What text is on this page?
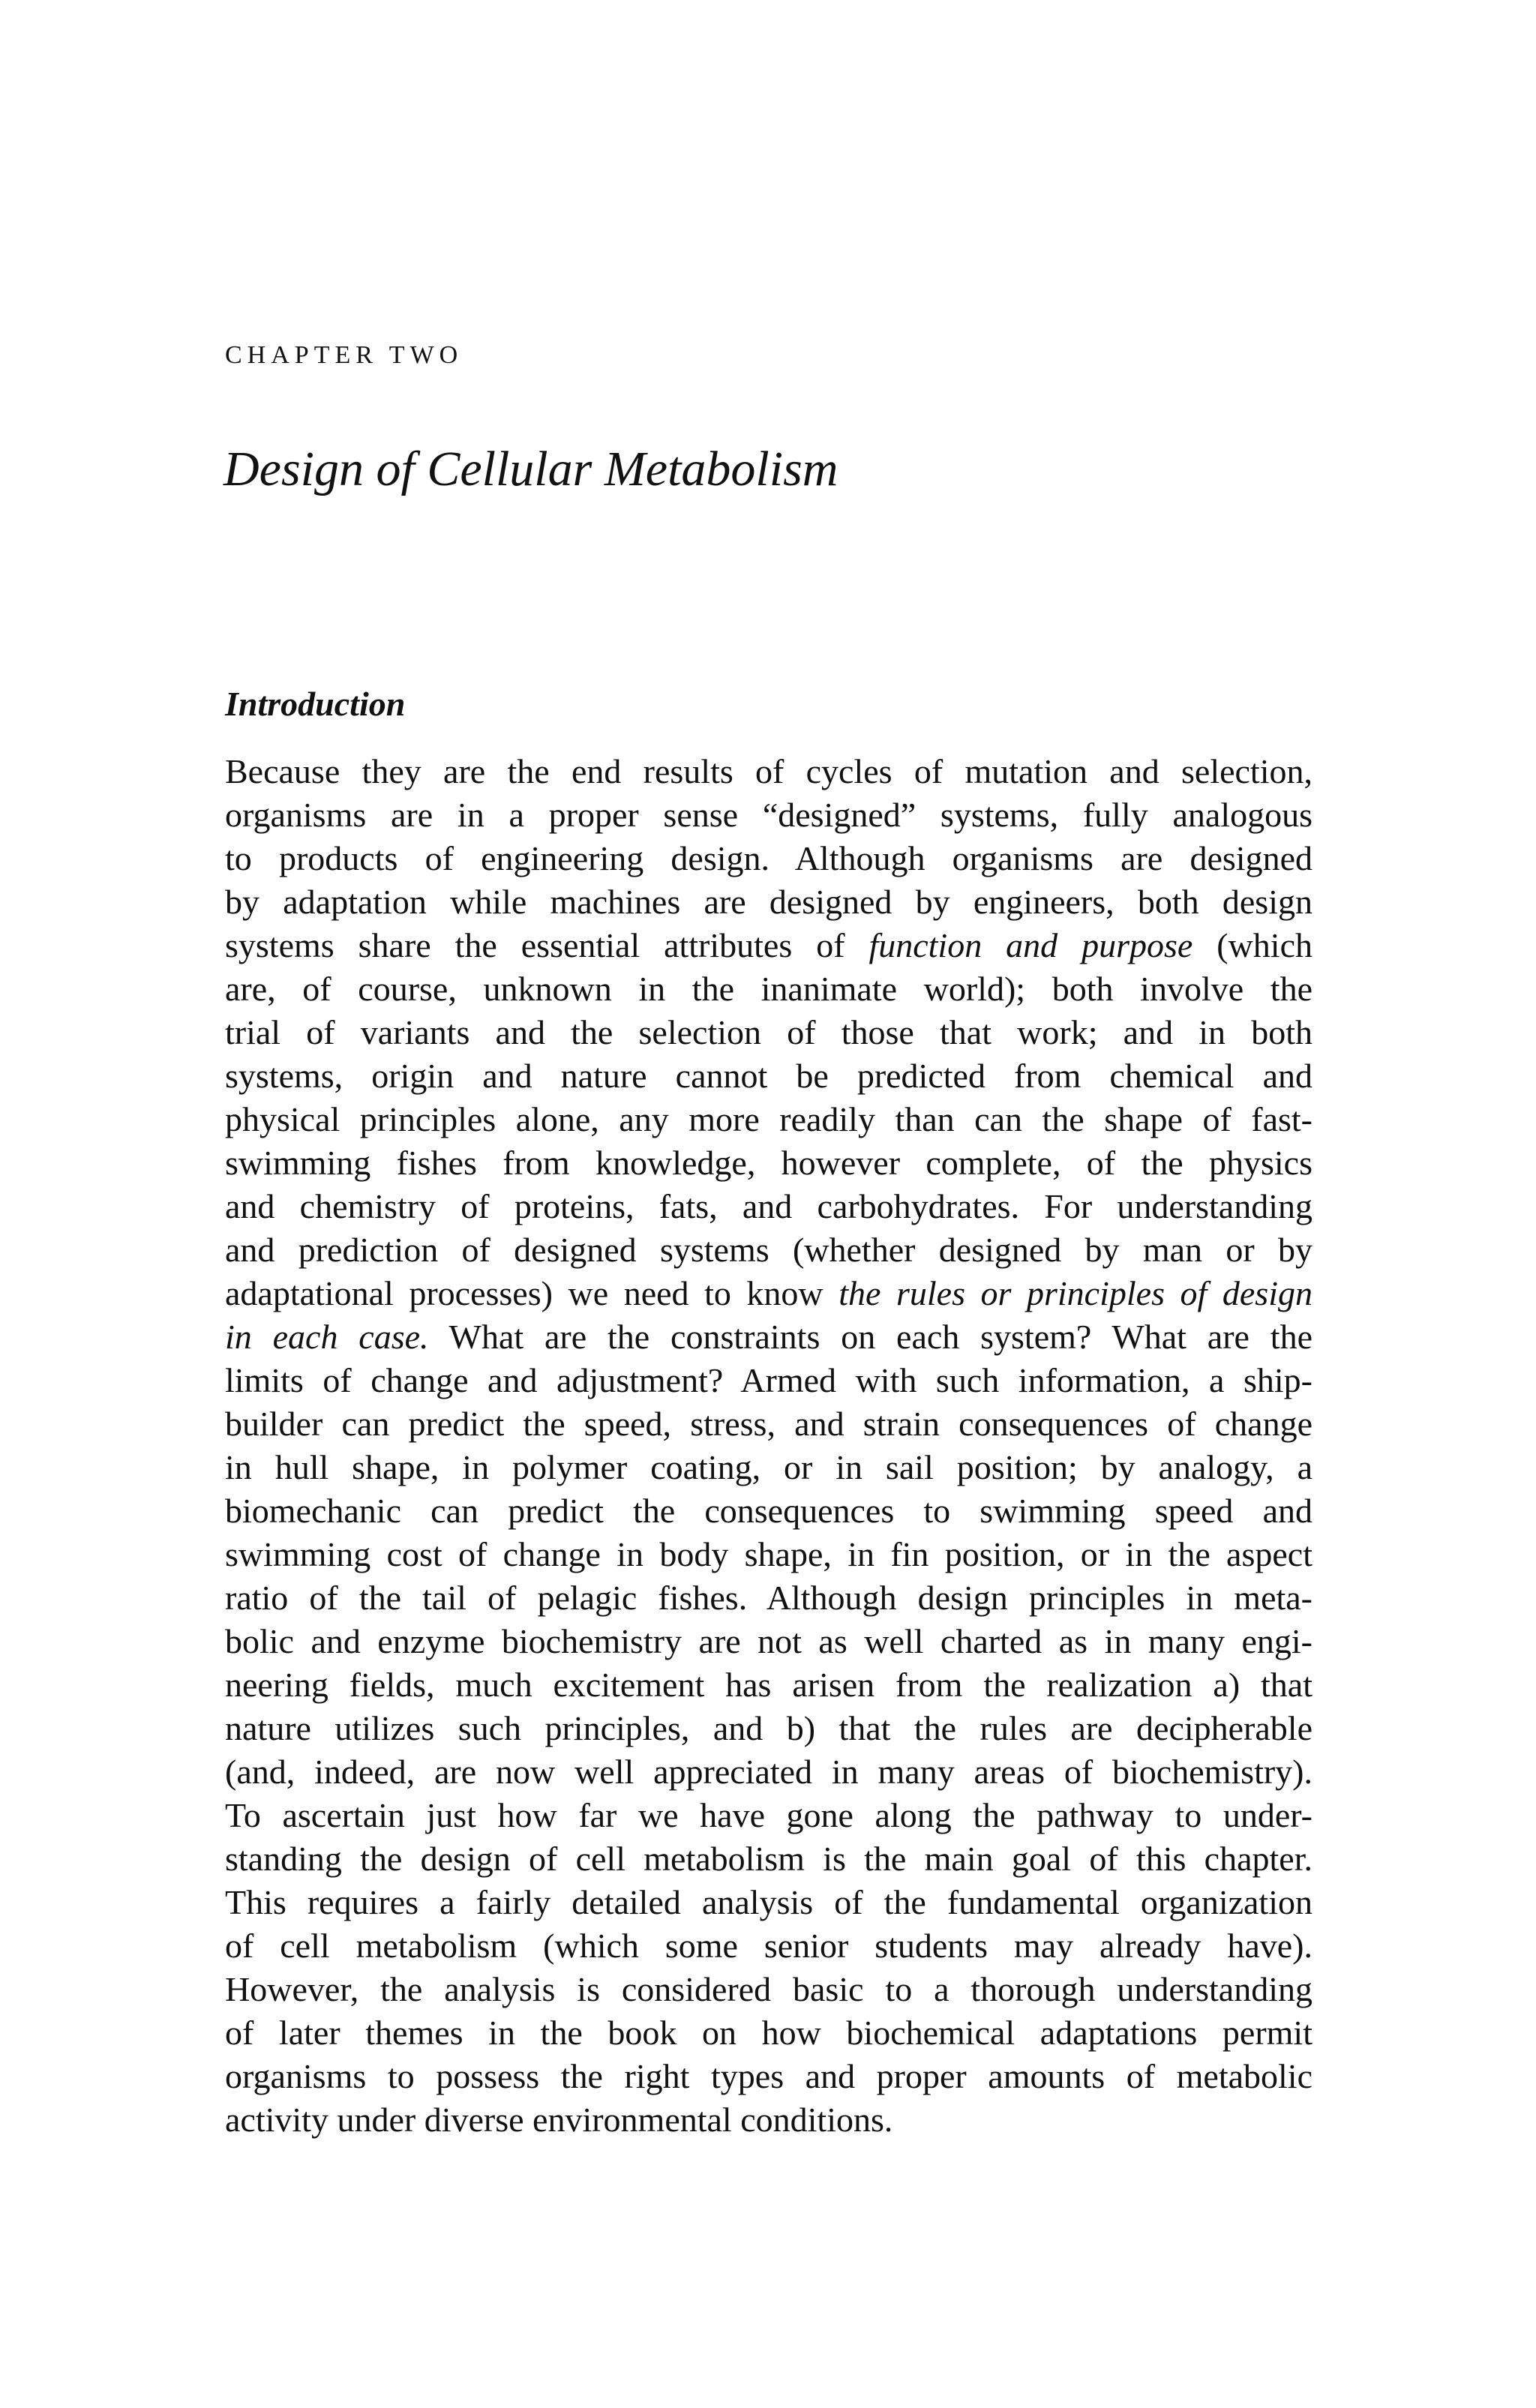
CHAPTER TWO
Design of Cellular Metabolism
Introduction
Because they are the end results of cycles of mutation and selection,
organisms are in a proper sense “designed” systems, fully analogous
to products of engineering design. Although organisms are designed
by adaptation while machines are designed by engineers, both design
systems share the essential attributes of function and purpose (which
are, of course, unknown in the inanimate world); both involve the
trial of variants and the selection of those that work; and in both
systems, origin and nature cannot be predicted from chemical and
physical principles alone, any more readily than can the shape of fast-
swimming fishes from knowledge, however complete, of the physics
and chemistry of proteins, fats, and carbohydrates. For understanding
and prediction of designed systems (whether designed by man or by
adaptational processes) we need to know the rules or principles of design
in each case. What are the constraints on each system? What are the
limits of change and adjustment? Armed with such information, a ship-
builder can predict the speed, stress, and strain consequences of change
in hull shape, in polymer coating, or in sail position; by analogy, a
biomechanic can predict the consequences to swimming speed and
swimming cost of change in body shape, in fin position, or in the aspect
ratio of the tail of pelagic fishes. Although design principles in meta-
bolic and enzyme biochemistry are not as well charted as in many engi-
neering fields, much excitement has arisen from the realization a) that
nature utilizes such principles, and b) that the rules are decipherable
(and, indeed, are now well appreciated in many areas of biochemistry).
To ascertain just how far we have gone along the pathway to under-
standing the design of cell metabolism is the main goal of this chapter.
This requires a fairly detailed analysis of the fundamental organization
of cell metabolism (which some senior students may already have).
However, the analysis is considered basic to a thorough understanding
of later themes in the book on how biochemical adaptations permit
organisms to possess the right types and proper amounts of metabolic
activity under diverse environmental conditions.
